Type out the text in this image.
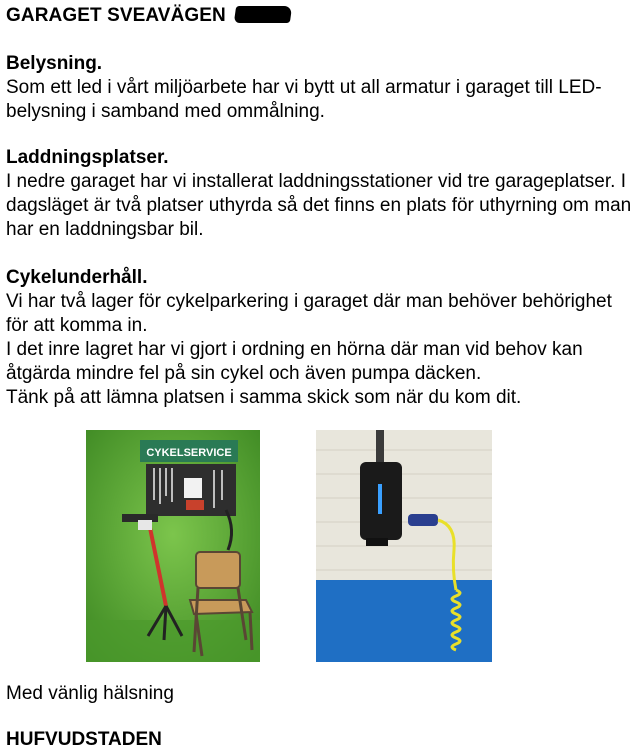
GARAGET SVEAVÄGEN
Belysning.
Som ett led i vårt miljöarbete har vi bytt ut all armatur i garaget till LED-belysning i samband med ommålning.
Laddningsplatser.
I nedre garaget har vi installerat laddningsstationer vid tre garageplatser. I dagsläget är två platser uthyrda så det finns en plats för uthyrning om man har en laddningsbar bil.
Cykelunderhåll.
Vi har två lager för cykelparkering i garaget där man behöver behörighet för att komma in.
I det inre lagret har vi gjort i ordning en hörna där man vid behov kan åtgärda mindre fel på sin cykel och även pumpa däcken.
Tänk på att lämna platsen i samma skick som när du kom dit.
CYKELSERVICE
Med vänlig hälsning
HUFVUDSTADEN
